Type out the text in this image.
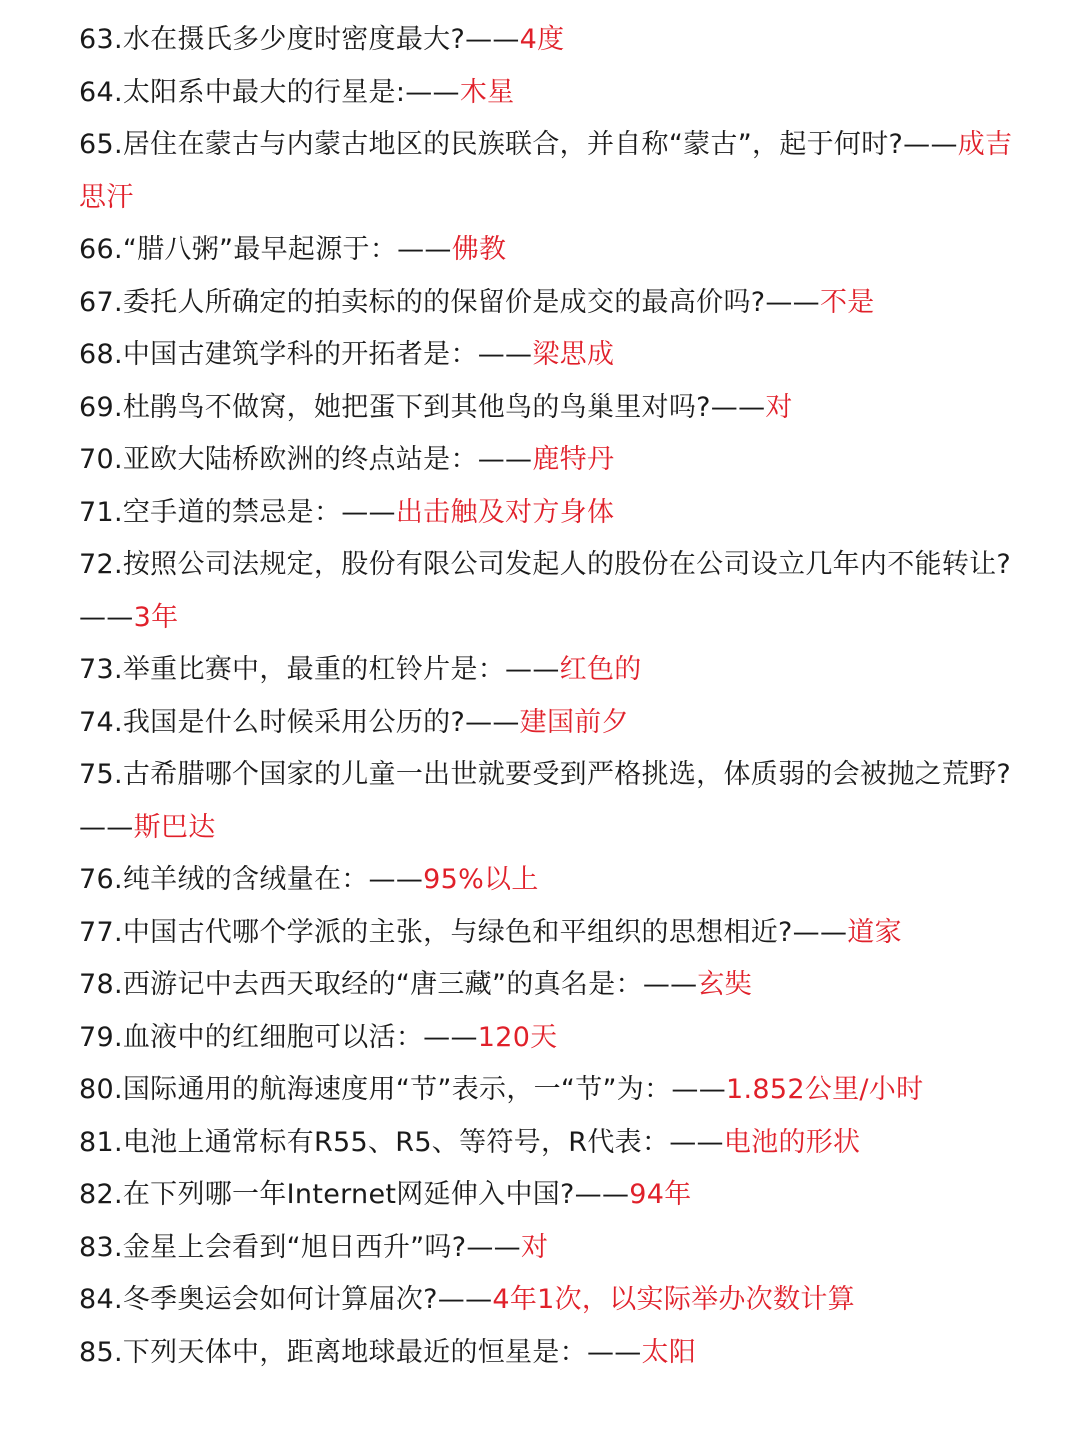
63.水在摄氏多少度时密度最大?——4度

64.太阳系中最大的行星是:——木星

65.居住在蒙古与内蒙古地区的民族联合，并自称“蒙古”，起于何时?——成吉思汗

66.“腊八粥”最早起源于：——佛教

67.委托人所确定的拍卖标的的保留价是成交的最高价吗?——不是

68.中国古建筑学科的开拓者是：——梁思成

69.杜鹃鸟不做窝，她把蛋下到其他鸟的鸟巢里对吗?——对

70.亚欧大陆桥欧洲的终点站是：——鹿特丹

71.空手道的禁忌是：——出击触及对方身体

72.按照公司法规定，股份有限公司发起人的股份在公司设立几年内不能转让?——3年

73.举重比赛中，最重的杠铃片是：——红色的

74.我国是什么时候采用公历的?——建国前夕

75.古希腊哪个国家的儿童一出世就要受到严格挑选，体质弱的会被抛之荒野?——斯巴达

76.纯羊绒的含绒量在：——95%以上

77.中国古代哪个学派的主张，与绿色和平组织的思想相近?——道家

78.西游记中去西天取经的“唐三藏”的真名是：——玄奘

79.血液中的红细胞可以活：——120天

80.国际通用的航海速度用“节”表示，一“节”为：——1.852公里/小时

81.电池上通常标有R55、R5、等符号，R代表：——电池的形状

82.在下列哪一年Internet网延伸入中国?——94年

83.金星上会看到“旭日西升”吗?——对

84.冬季奥运会如何计算届次?——4年1次，以实际举办次数计算

85.下列天体中，距离地球最近的恒星是：——太阳
